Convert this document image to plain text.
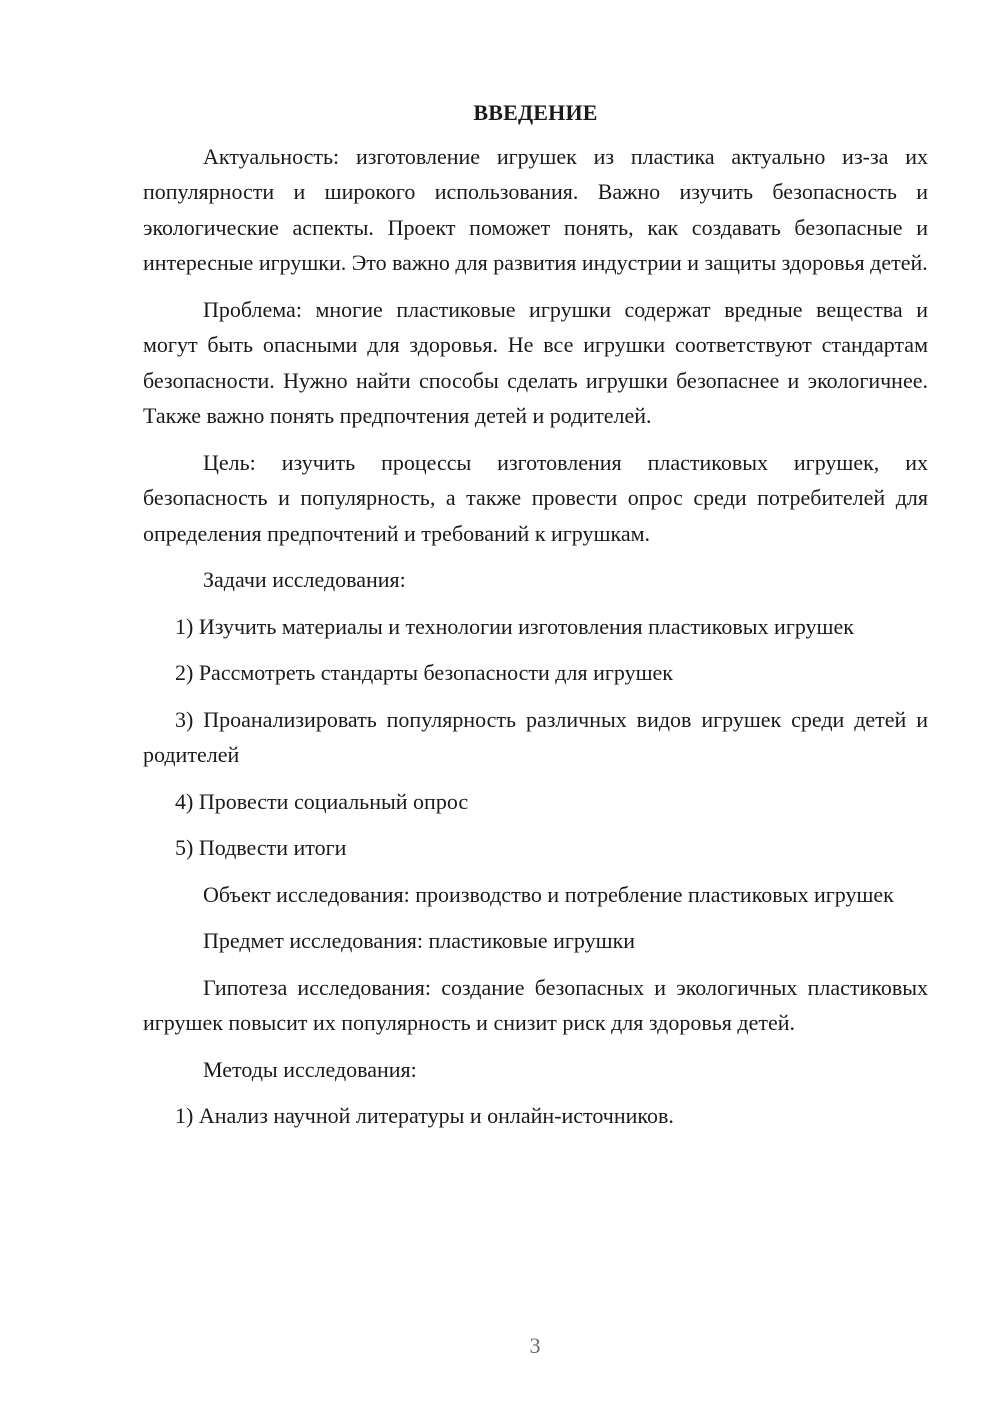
ВВЕДЕНИЕ

Актуальность: изготовление игрушек из пластика актуально из-за их популярности и широкого использования. Важно изучить безопасность и экологические аспекты. Проект поможет понять, как создавать безопасные и интересные игрушки. Это важно для развития индустрии и защиты здоровья детей.

Проблема: многие пластиковые игрушки содержат вредные вещества и могут быть опасными для здоровья. Не все игрушки соответствуют стандартам безопасности. Нужно найти способы сделать игрушки безопаснее и экологичнее. Также важно понять предпочтения детей и родителей.

Цель: изучить процессы изготовления пластиковых игрушек, их безопасность и популярность, а также провести опрос среди потребителей для определения предпочтений и требований к игрушкам.

Задачи исследования:

1) Изучить материалы и технологии изготовления пластиковых игрушек

2) Рассмотреть стандарты безопасности для игрушек

3) Проанализировать популярность различных видов игрушек среди детей и родителей

4) Провести социальный опрос

5) Подвести итоги

Объект исследования: производство и потребление пластиковых игрушек

Предмет исследования: пластиковые игрушки

Гипотеза исследования: создание безопасных и экологичных пластиковых игрушек повысит их популярность и снизит риск для здоровья детей.

Методы исследования:

1) Анализ научной литературы и онлайн-источников.

3
